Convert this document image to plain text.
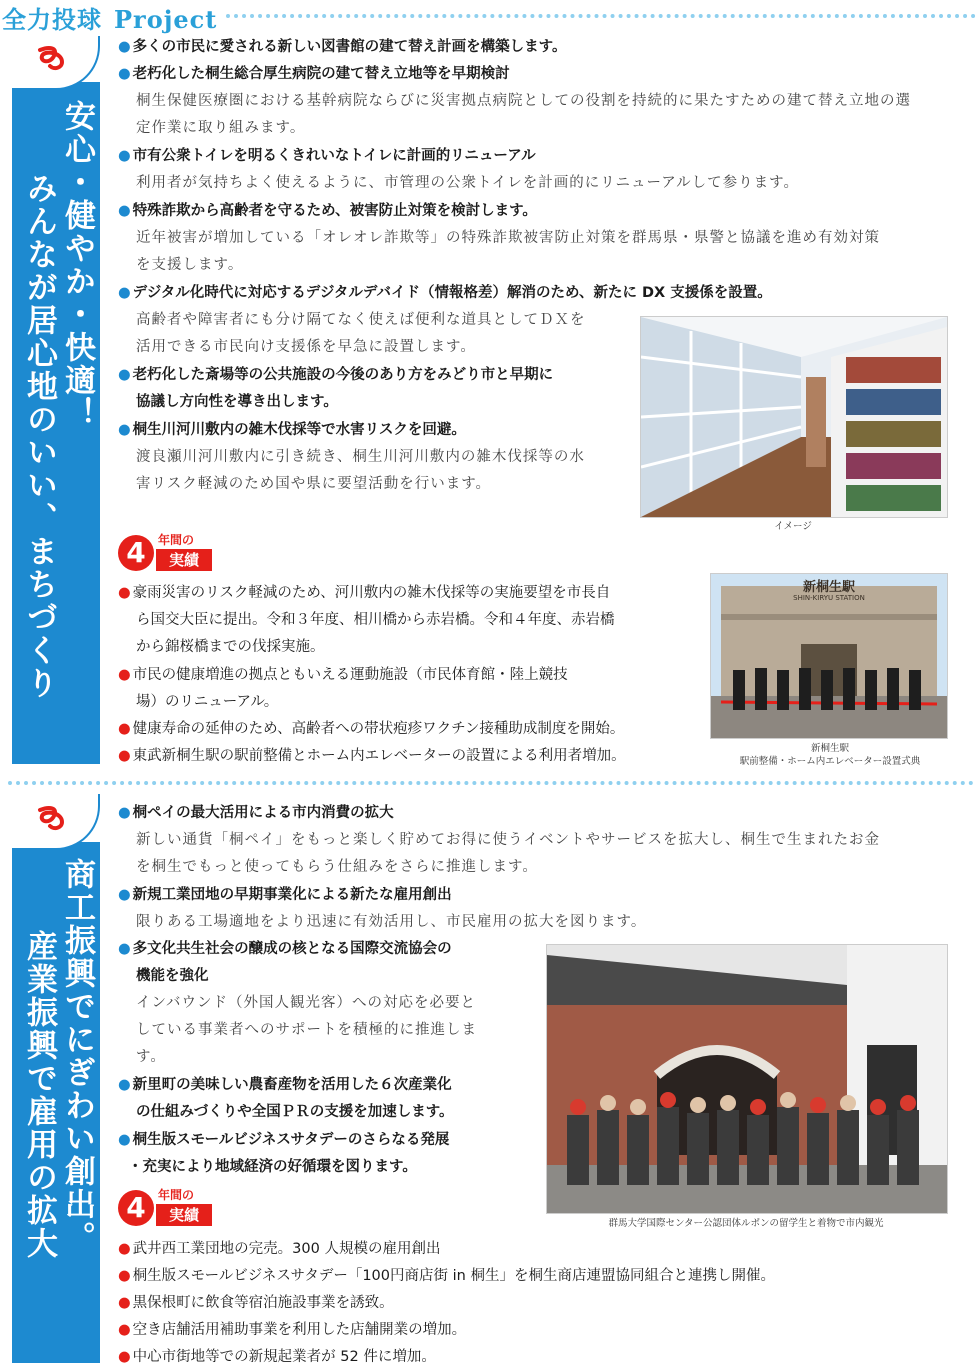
全力投球 Project
安心・健やか・快適！
みんなが居心地のいい、まちづくり
● 多くの市民に愛される新しい図書館の建て替え計画を構築します。
● 老朽化した桐生総合厚生病院の建て替え立地等を早期検討
桐生保健医療圏における基幹病院ならびに災害拠点病院としての役割を持続的に果たすための建て替え立地の選
定作業に取り組みます。
● 市有公衆トイレを明るくきれいなトイレに計画的リニューアル
利用者が気持ちよく使えるように、市管理の公衆トイレを計画的にリニューアルして参ります。
● 特殊詐欺から高齢者を守るため、被害防止対策を検討します。
近年被害が増加している「オレオレ詐欺等」の特殊詐欺被害防止対策を群馬県・県警と協議を進め有効対策
を支援します。
● デジタル化時代に対応するデジタルデバイド（情報格差）解消のため、新たに DX 支援係を設置。
高齢者や障害者にも分け隔てなく使えば便利な道具としてＤＸを
活用できる市民向け支援係を早急に設置します。
● 老朽化した斎場等の公共施設の今後のあり方をみどり市と早期に
協議し方向性を導き出します。
● 桐生川河川敷内の雑木伐採等で水害リスクを回避。
渡良瀬川河川敷内に引き続き、桐生川河川敷内の雑木伐採等の水
害リスク軽減のため国や県に要望活動を行います。
イメージ
4	年間の
実績
● 豪雨災害のリスク軽減のため、河川敷内の雑木伐採等の実施要望を市長自
ら国交大臣に提出。令和３年度、相川橋から赤岩橋。令和４年度、赤岩橋
から錦桜橋までの伐採実施。
● 市民の健康増進の拠点ともいえる運動施設（市民体育館・陸上競技
場）のリニューアル。
● 健康寿命の延伸のため、高齢者への帯状疱疹ワクチン接種助成制度を開始。
● 東武新桐生駅の駅前整備とホーム内エレベーターの設置による利用者増加。
新桐生駅
SHIN-KIRYU STATION
新桐生駅
駅前整備・ホーム内エレベーター設置式典
商工振興でにぎわい創出。
産業振興で雇用の拡大
● 桐ペイの最大活用による市内消費の拡大
新しい通貨「桐ペイ」をもっと楽しく貯めてお得に使うイベントやサービスを拡大し、桐生で生まれたお金
を桐生でもっと使ってもらう仕組みをさらに推進します。
● 新規工業団地の早期事業化による新たな雇用創出
限りある工場適地をより迅速に有効活用し、市民雇用の拡大を図ります。
● 多文化共生社会の醸成の核となる国際交流協会の
機能を強化
インバウンド（外国人観光客）への対応を必要と
している事業者へのサポートを積極的に推進しま
す。
● 新里町の美味しい農畜産物を活用した６次産業化
の仕組みづくりや全国ＰＲの支援を加速します。
● 桐生版スモールビジネスサタデーのさらなる発展
・充実により地域経済の好循環を図ります。
群馬大学国際センター公認団体ルボンの留学生と着物で市内観光
4	年間の
実績
● 武井西工業団地の完売。300 人規模の雇用創出
● 桐生版スモールビジネスサタデー「100円商店街 in 桐生」を桐生商店連盟協同組合と連携し開催。
● 黒保根町に飲食等宿泊施設事業を誘致。
● 空き店舗活用補助事業を利用した店舗開業の増加。
● 中心市街地等での新規起業者が 52 件に増加。
